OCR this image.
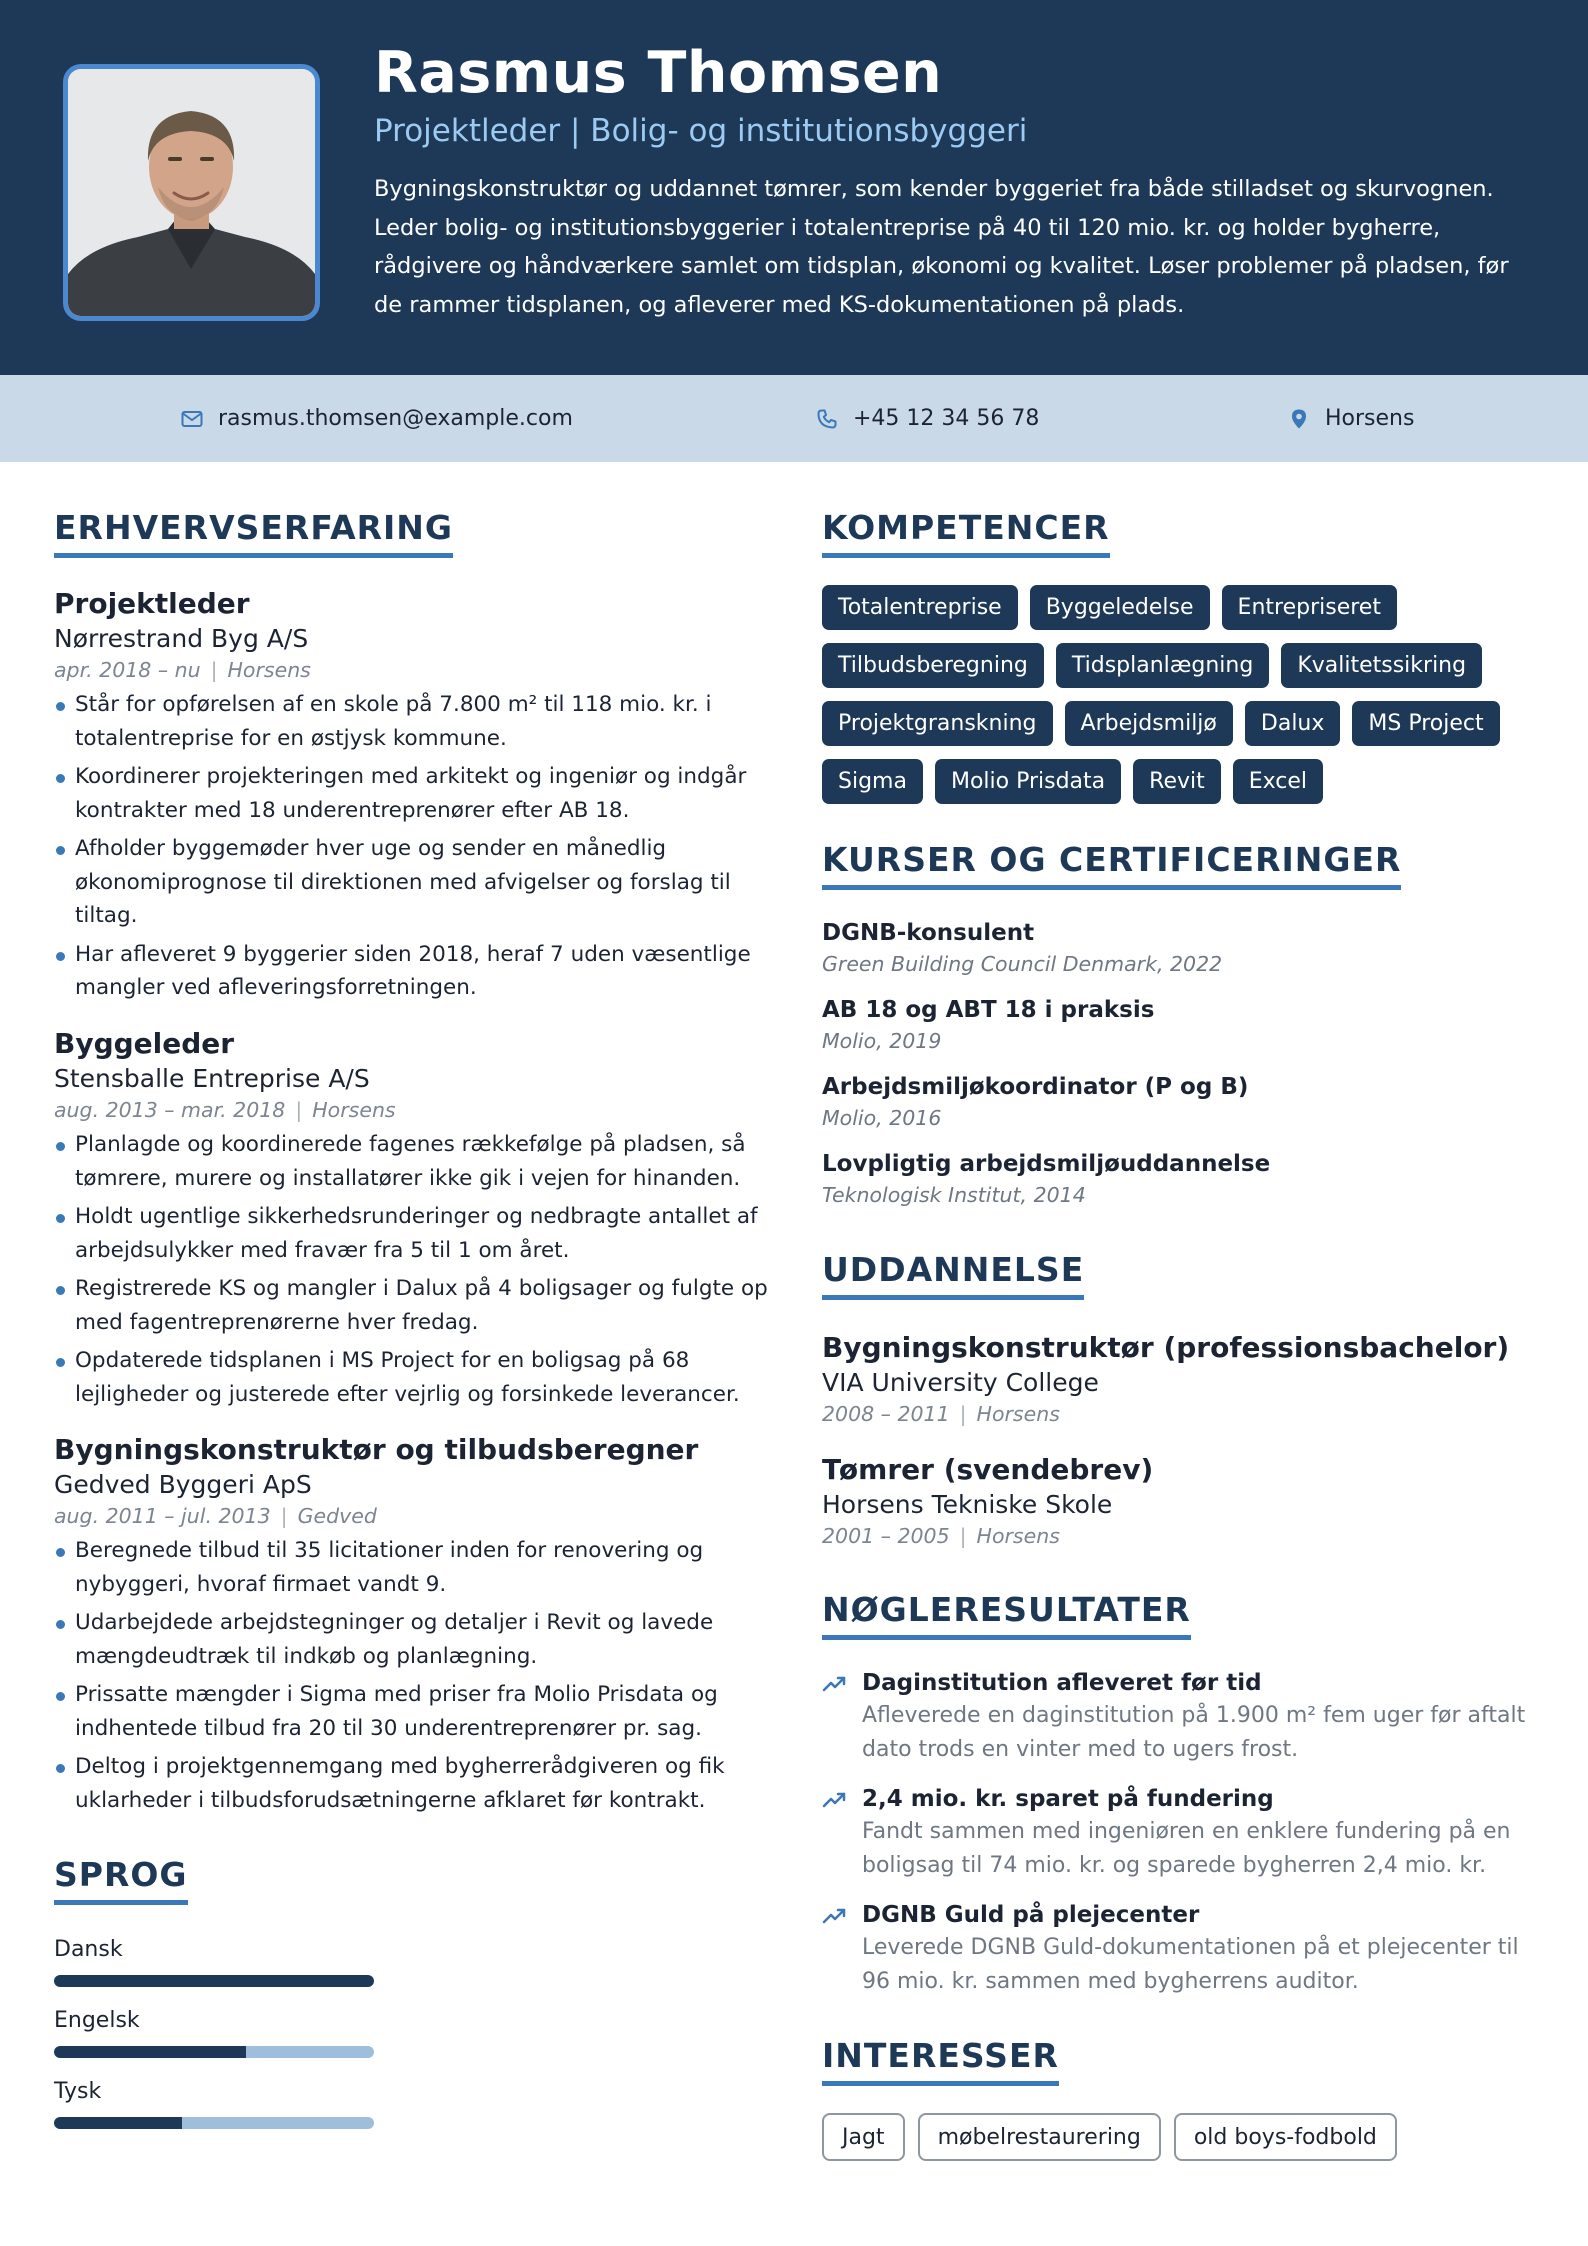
Rasmus Thomsen
Projektleder | Bolig- og institutionsbyggeri
Bygningskonstruktør og uddannet tømrer, som kender byggeriet fra både stilladset og skurvognen. Leder bolig- og institutionsbyggerier i totalentreprise på 40 til 120 mio. kr. og holder bygherre, rådgivere og håndværkere samlet om tidsplan, økonomi og kvalitet. Løser problemer på pladsen, før de rammer tidsplanen, og afleverer med KS-dokumentationen på plads.
rasmus.thomsen@example.com	+45 12 34 56 78	Horsens
ERHVERVSERFARING
Projektleder
Nørrestrand Byg A/S
apr. 2018 – nu | Horsens
Står for opførelsen af en skole på 7.800 m² til 118 mio. kr. i totalentreprise for en østjysk kommune.
Koordinerer projekteringen med arkitekt og ingeniør og indgår kontrakter med 18 underentreprenører efter AB 18.
Afholder byggemøder hver uge og sender en månedlig økonomiprognose til direktionen med afvigelser og forslag til tiltag.
Har afleveret 9 byggerier siden 2018, heraf 7 uden væsentlige mangler ved afleveringsforretningen.
Byggeleder
Stensballe Entreprise A/S
aug. 2013 – mar. 2018 | Horsens
Planlagde og koordinerede fagenes rækkefølge på pladsen, så tømrere, murere og installatører ikke gik i vejen for hinanden.
Holdt ugentlige sikkerhedsrunderinger og nedbragte antallet af arbejdsulykker med fravær fra 5 til 1 om året.
Registrerede KS og mangler i Dalux på 4 boligsager og fulgte op med fagentreprenørerne hver fredag.
Opdaterede tidsplanen i MS Project for en boligsag på 68 lejligheder og justerede efter vejrlig og forsinkede leverancer.
Bygningskonstruktør og tilbudsberegner
Gedved Byggeri ApS
aug. 2011 – jul. 2013 | Gedved
Beregnede tilbud til 35 licitationer inden for renovering og nybyggeri, hvoraf firmaet vandt 9.
Udarbejdede arbejdstegninger og detaljer i Revit og lavede mængdeudtræk til indkøb og planlægning.
Prissatte mængder i Sigma med priser fra Molio Prisdata og indhentede tilbud fra 20 til 30 underentreprenører pr. sag.
Deltog i projektgennemgang med bygherrerådgiveren og fik uklarheder i tilbudsforudsætningerne afklaret før kontrakt.
SPROG
Dansk
Engelsk
Tysk
KOMPETENCER
Totalentreprise	Byggeledelse	Entrepriseret
Tilbudsberegning	Tidsplanlægning	Kvalitetssikring
Projektgranskning	Arbejdsmiljø	Dalux	MS Project
Sigma	Molio Prisdata	Revit	Excel
KURSER OG CERTIFICERINGER
DGNB-konsulent
Green Building Council Denmark, 2022
AB 18 og ABT 18 i praksis
Molio, 2019
Arbejdsmiljøkoordinator (P og B)
Molio, 2016
Lovpligtig arbejdsmiljøuddannelse
Teknologisk Institut, 2014
UDDANNELSE
Bygningskonstruktør (professionsbachelor)
VIA University College
2008 – 2011 | Horsens
Tømrer (svendebrev)
Horsens Tekniske Skole
2001 – 2005 | Horsens
NØGLERESULTATER
Daginstitution afleveret før tid
Afleverede en daginstitution på 1.900 m² fem uger før aftalt dato trods en vinter med to ugers frost.
2,4 mio. kr. sparet på fundering
Fandt sammen med ingeniøren en enklere fundering på en boligsag til 74 mio. kr. og sparede bygherren 2,4 mio. kr.
DGNB Guld på plejecenter
Leverede DGNB Guld-dokumentationen på et plejecenter til 96 mio. kr. sammen med bygherrens auditor.
INTERESSER
Jagt	møbelrestaurering	old boys-fodbold
